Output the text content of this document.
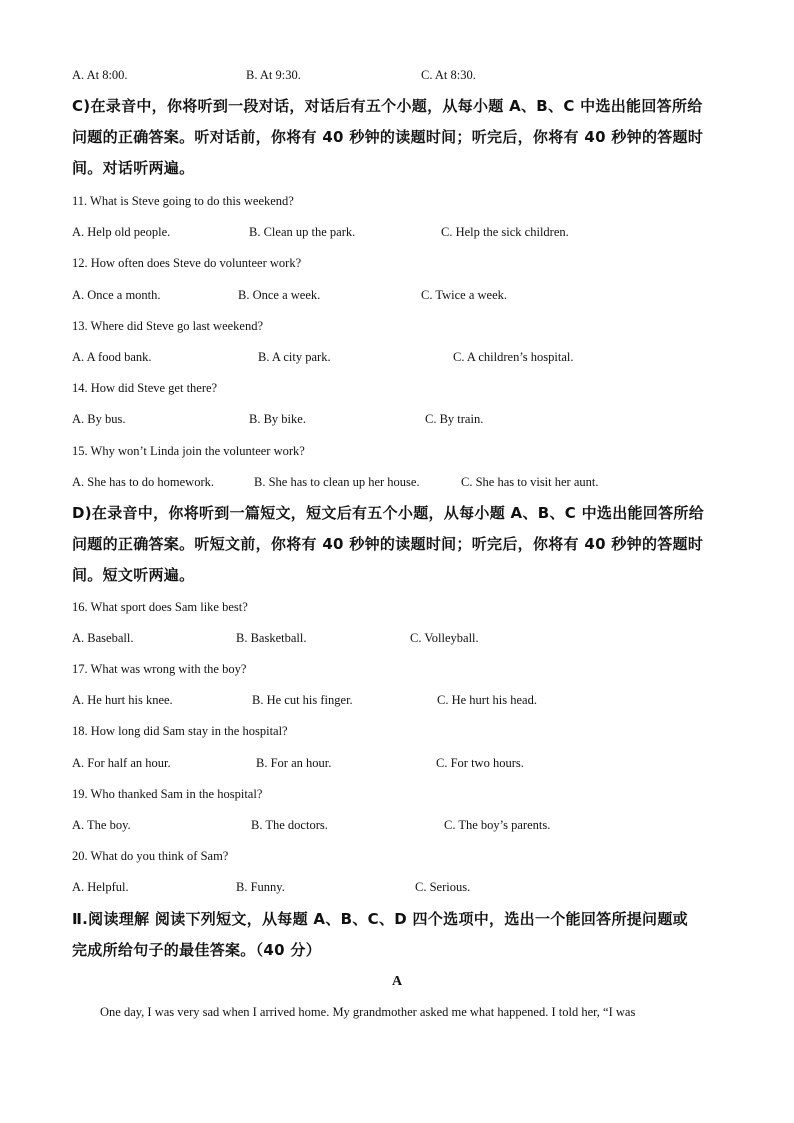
A. At 8:00.	B. At 9:30.	C. At 8:30.
C)在录音中，你将听到一段对话，对话后有五个小题，从每小题 A、B、C 中选出能回答所给
问题的正确答案。听对话前，你将有 40 秒钟的读题时间；听完后，你将有 40 秒钟的答题时
间。对话听两遍。
11. What is Steve going to do this weekend?
A. Help old people.	B. Clean up the park.	C. Help the sick children.
12. How often does Steve do volunteer work?
A. Once a month.	B. Once a week.	C. Twice a week.
13. Where did Steve go last weekend?
A. A food bank.	B. A city park.	C. A children’s hospital.
14. How did Steve get there?
A. By bus.	B. By bike.	C. By train.
15. Why won’t Linda join the volunteer work?
A. She has to do homework.	B. She has to clean up her house.	C. She has to visit her aunt.
D)在录音中，你将听到一篇短文，短文后有五个小题，从每小题 A、B、C 中选出能回答所给
问题的正确答案。听短文前，你将有 40 秒钟的读题时间；听完后，你将有 40 秒钟的答题时
间。短文听两遍。
16. What sport does Sam like best?
A. Baseball.	B. Basketball.	C. Volleyball.
17. What was wrong with the boy?
A. He hurt his knee.	B. He cut his finger.	C. He hurt his head.
18. How long did Sam stay in the hospital?
A. For half an hour.	B. For an hour.	C. For two hours.
19. Who thanked Sam in the hospital?
A. The boy.	B. The doctors.	C. The boy’s parents.
20. What do you think of Sam?
A. Helpful.	B. Funny.	C. Serious.
Ⅱ.阅读理解 阅读下列短文，从每题 A、B、C、D 四个选项中，选出一个能回答所提问题或
完成所给句子的最佳答案。（40 分）
A
One day, I was very sad when I arrived home. My grandmother asked me what happened. I told her, “I was
